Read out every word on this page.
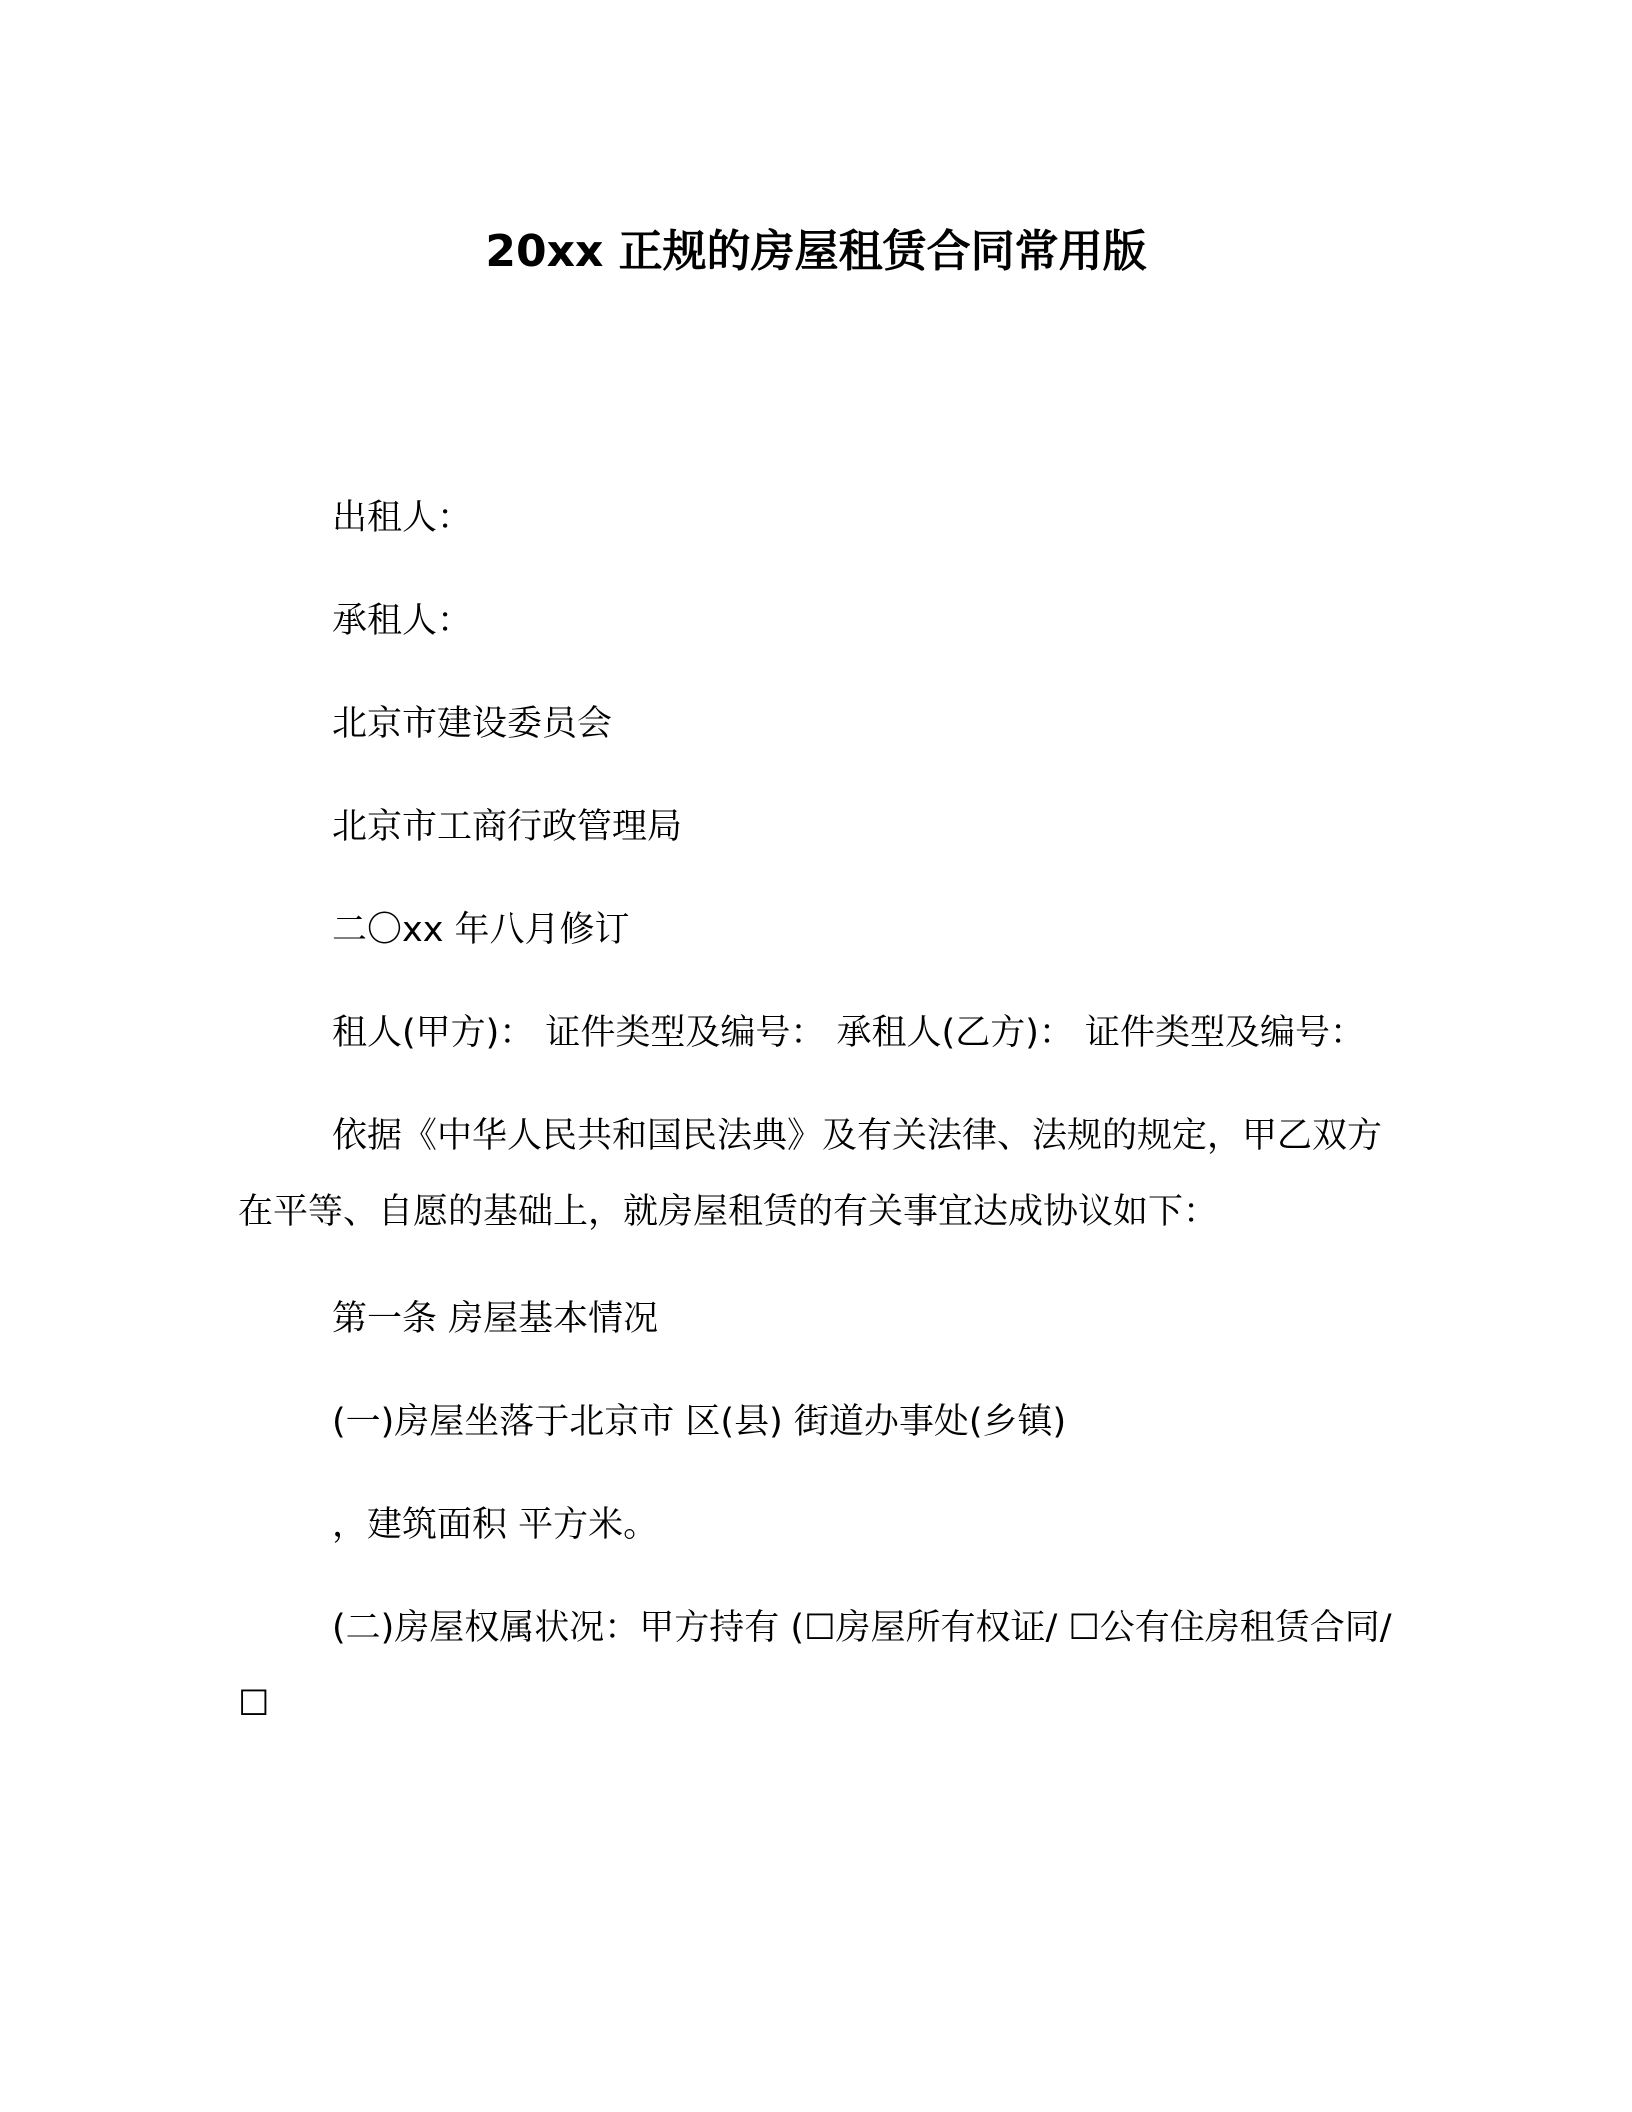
20xx 正规的房屋租赁合同常用版
出租人：
承租人：
北京市建设委员会
北京市工商行政管理局
二〇xx 年八月修订
租人(甲方)： 证件类型及编号： 承租人(乙方)： 证件类型及编号：

依据《中华人民共和国民法典》及有关法律、法规的规定，甲乙双方在平等、自愿的基础上，就房屋租赁的有关事宜达成协议如下：

第一条 房屋基本情况
(一)房屋坐落于北京市 区(县) 街道办事处(乡镇)
，建筑面积 平方米。

(二)房屋权属状况：甲方持有 (☐房屋所有权证/ ☐公有住房租赁合同/ ☐
